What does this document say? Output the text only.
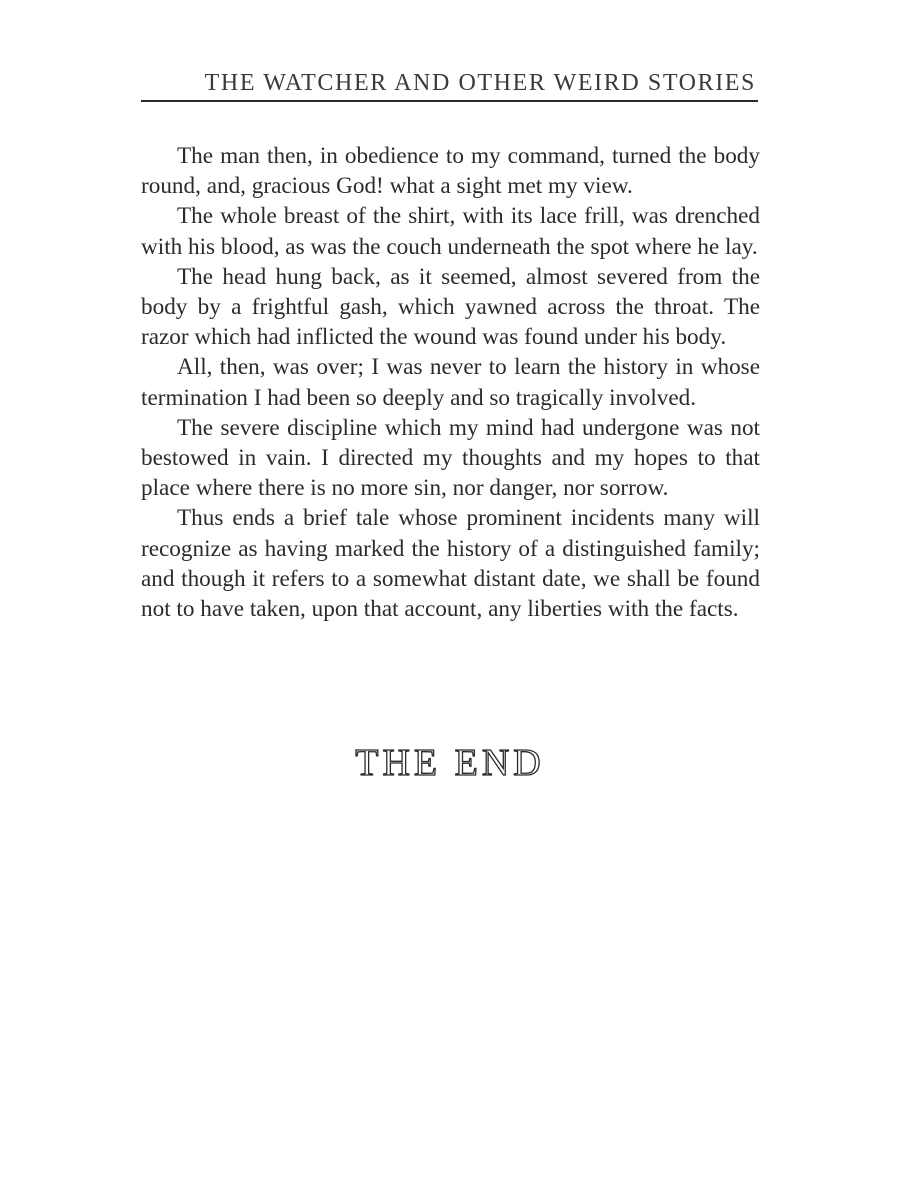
THE WATCHER AND OTHER WEIRD STORIES

The man then, in obedience to my command, turned the body round, and, gracious God! what a sight met my view.

The whole breast of the shirt, with its lace frill, was drenched with his blood, as was the couch underneath the spot where he lay.

The head hung back, as it seemed, almost severed from the body by a frightful gash, which yawned across the throat. The razor which had inflicted the wound was found under his body.

All, then, was over; I was never to learn the history in whose termination I had been so deeply and so tragically involved.

The severe discipline which my mind had undergone was not bestowed in vain. I directed my thoughts and my hopes to that place where there is no more sin, nor danger, nor sorrow.

Thus ends a brief tale whose prominent incidents many will recognize as having marked the history of a distinguished family; and though it refers to a somewhat distant date, we shall be found not to have taken, upon that account, any liberties with the facts.

THE END
